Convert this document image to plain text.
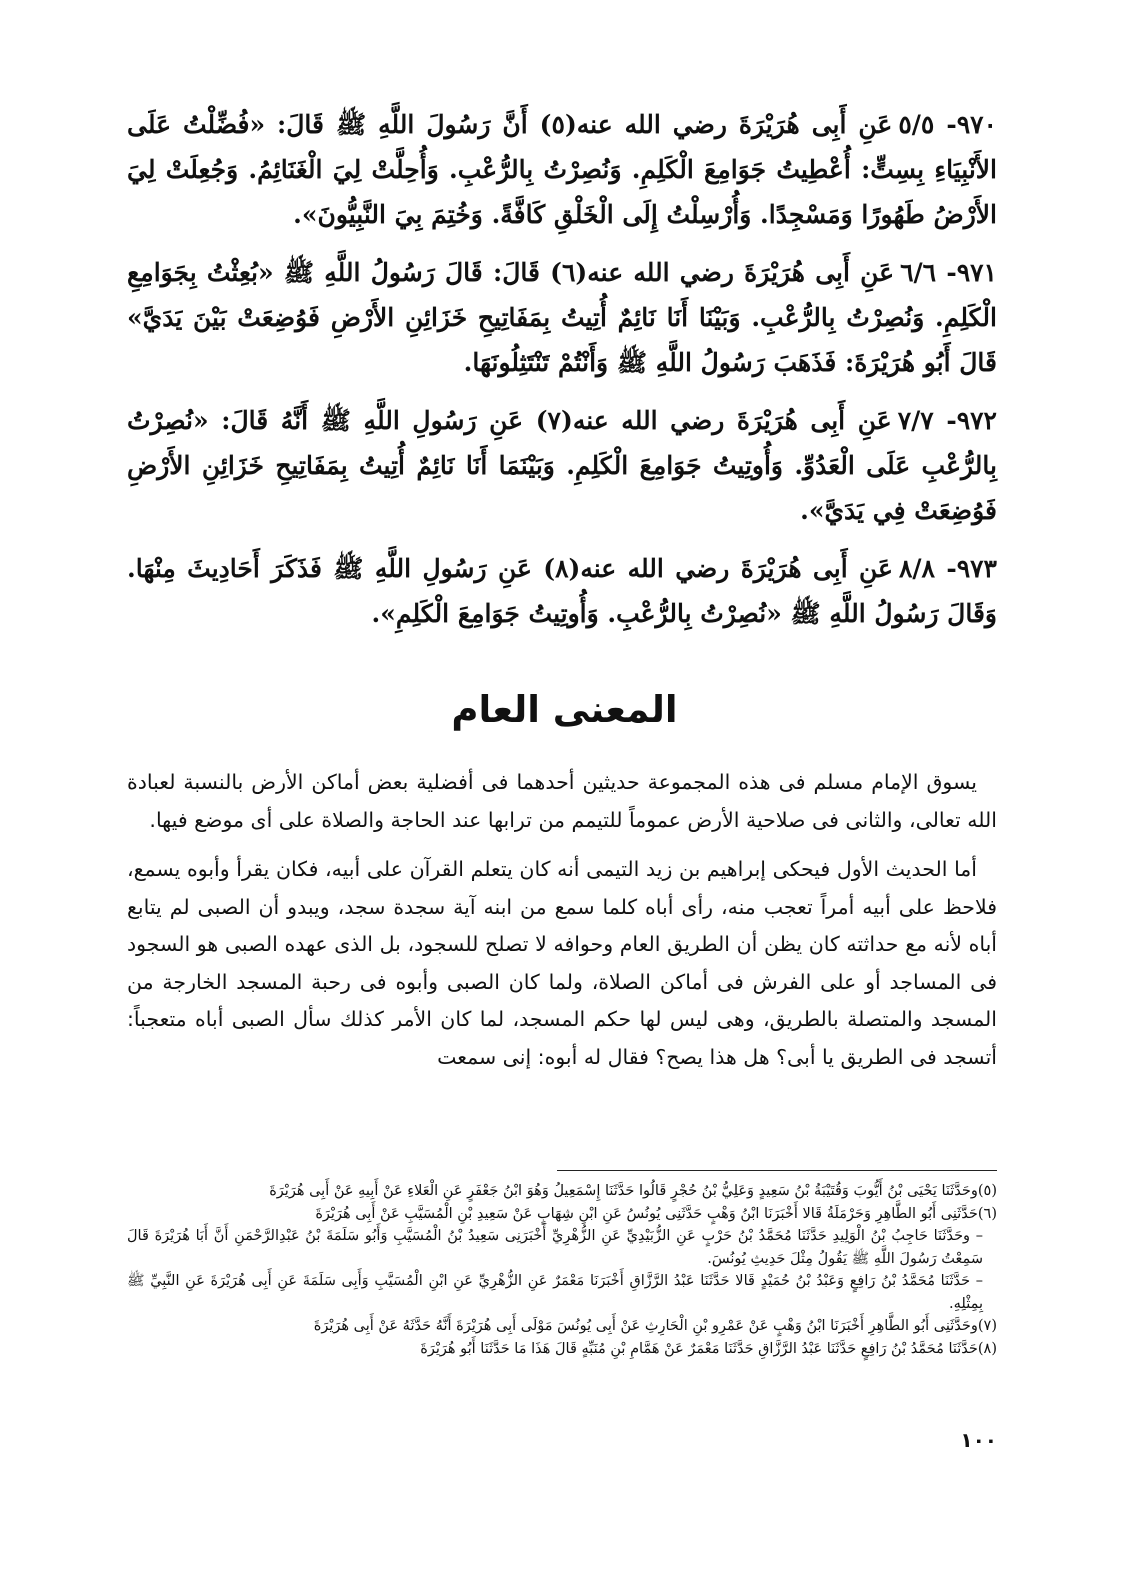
٩٧٠- ٥/٥عَنِ أَبِى هُرَيْرَةَ رضي الله عنه(٥) أَنَّ رَسُولَ اللَّهِ ﷺ قَالَ: «فُضِّلْتُ عَلَى الأَنْبِيَاءِ بِسِتٍّ: أُعْطِيتُ جَوَامِعَ الْكَلِمِ. وَنُصِرْتُ بِالرُّعْبِ. وَأُحِلَّتْ لِيَ الْغَنَائِمُ. وَجُعِلَتْ لِيَ الأَرْضُ طَهُورًا وَمَسْجِدًا. وَأُرْسِلْتُ إِلَى الْخَلْقِ كَافَّةً. وَخُتِمَ بِيَ النَّبِيُّونَ».

٩٧١- ٦/٦عَنِ أَبِى هُرَيْرَةَ رضي الله عنه(٦) قَالَ: قَالَ رَسُولُ اللَّهِ ﷺ «بُعِثْتُ بِجَوَامِعِ الْكَلِمِ. وَنُصِرْتُ بِالرُّعْبِ. وَبَيْنَا أَنَا نَائِمٌ أُتِيتُ بِمَفَاتِيحِ خَزَائِنِ الأَرْضِ فَوُضِعَتْ بَيْنَ يَدَيَّ» قَالَ أَبُو هُرَيْرَةَ: فَذَهَبَ رَسُولُ اللَّهِ ﷺ وَأَنْتُمْ تَنْتَثِلُونَهَا.

٩٧٢- ٧/٧عَنِ أَبِى هُرَيْرَةَ رضي الله عنه(٧) عَنِ رَسُولِ اللَّهِ ﷺ أَنَّهُ قَالَ: «نُصِرْتُ بِالرُّعْبِ عَلَى الْعَدُوِّ. وَأُوتِيتُ جَوَامِعَ الْكَلِمِ. وَبَيْنَمَا أَنَا نَائِمٌ أُتِيتُ بِمَفَاتِيحِ خَزَائِنِ الأَرْضِ فَوُضِعَتْ فِي يَدَيَّ».

٩٧٣- ٨/٨عَنِ أَبِى هُرَيْرَةَ رضي الله عنه(٨) عَنِ رَسُولِ اللَّهِ ﷺ فَذَكَرَ أَحَادِيثَ مِنْهَا. وَقَالَ رَسُولُ اللَّهِ ﷺ «نُصِرْتُ بِالرُّعْبِ. وَأُوتِيتُ جَوَامِعَ الْكَلِمِ».

المعنى العام

يسوق الإمام مسلم فى هذه المجموعة حديثين أحدهما فى أفضلية بعض أماكن الأرض بالنسبة لعبادة الله تعالى، والثانى فى صلاحية الأرض عموماً للتيمم من ترابها عند الحاجة والصلاة على أى موضع فيها.

أما الحديث الأول فيحكى إبراهيم بن زيد التيمى أنه كان يتعلم القرآن على أبيه، فكان يقرأ وأبوه يسمع، فلاحظ على أبيه أمراً تعجب منه، رأى أباه كلما سمع من ابنه آية سجدة سجد، ويبدو أن الصبى لم يتابع أباه لأنه مع حداثته كان يظن أن الطريق العام وحوافه لا تصلح للسجود، بل الذى عهده الصبى هو السجود فى المساجد أو على الفرش فى أماكن الصلاة، ولما كان الصبى وأبوه فى رحبة المسجد الخارجة من المسجد والمتصلة بالطريق، وهى ليس لها حكم المسجد، لما كان الأمر كذلك سأل الصبى أباه متعجباً: أتسجد فى الطريق يا أبى؟ هل هذا يصح؟ فقال له أبوه: إنى سمعت

(٥)وحَدَّثَنَا يَحْيَى بْنُ أَيُّوبَ وَقُتَيْبَةُ بْنُ سَعِيدٍ وَعَلِيُّ بْنُ حُجْرٍ قَالُوا حَدَّثَنَا إِسْمَعِيلُ وَهُوَ ابْنُ جَعْفَرٍ عَنِ الْعَلاءِ عَنْ أَبِيهِ عَنْ أَبِى هُرَيْرَةَ

(٦)حَدَّثَنِى أَبُو الطَّاهِرِ وَحَرْمَلَةُ قَالا أَخْبَرَنَا ابْنُ وَهْبٍ حَدَّثَنِى يُونُسُ عَنِ ابْنِ شِهَابٍ عَنْ سَعِيدِ بْنِ الْمُسَيَّبِ عَنْ أَبِى هُرَيْرَةَ

– وحَدَّثَنَا حَاجِبُ بْنُ الْوَلِيدِ حَدَّثَنَا مُحَمَّدُ بْنُ حَرْبٍ عَنِ الزُّبَيْدِيِّ عَنِ الزُّهْرِيِّ أَخْبَرَنِى سَعِيدُ بْنُ الْمُسَيَّبِ وَأَبُو سَلَمَةَ بْنُ عَبْدِالرَّحْمَنِ أَنَّ أَبَا هُرَيْرَةَ قَالَ سَمِعْتُ رَسُولَ اللَّهِ ﷺ يَقُولُ مِثْلَ حَدِيثِ يُونُسَ.

– حَدَّثَنَا مُحَمَّدُ بْنُ رَافِعٍ وَعَبْدُ بْنُ حُمَيْدٍ قَالا حَدَّثَنَا عَبْدُ الرَّزَّاقِ أَخْبَرَنَا مَعْمَرٌ عَنِ الزُّهْرِيِّ عَنِ ابْنِ الْمُسَيَّبِ وَأَبِى سَلَمَةَ عَنِ أَبِى هُرَيْرَةَ عَنِ النَّبِيِّ ﷺ بِمِثْلِهِ.

(٧)وحَدَّثَنِى أَبُو الطَّاهِرِ أَخْبَرَنَا ابْنُ وَهْبٍ عَنْ عَمْرِو بْنِ الْحَارِثِ عَنْ أَبِى يُونُسَ مَوْلَى أَبِى هُرَيْرَةَ أَنَّهُ حَدَّثَهُ عَنْ أَبِى هُرَيْرَةَ

(٨)حَدَّثَنَا مُحَمَّدُ بْنُ رَافِعٍ حَدَّثَنَا عَبْدُ الرَّزَّاقِ حَدَّثَنَا مَعْمَرٌ عَنْ هَمَّامِ بْنِ مُنَبِّهٍ قَالَ هَذَا مَا حَدَّثَنَا أَبُو هُرَيْرَةَ

١٠٠
